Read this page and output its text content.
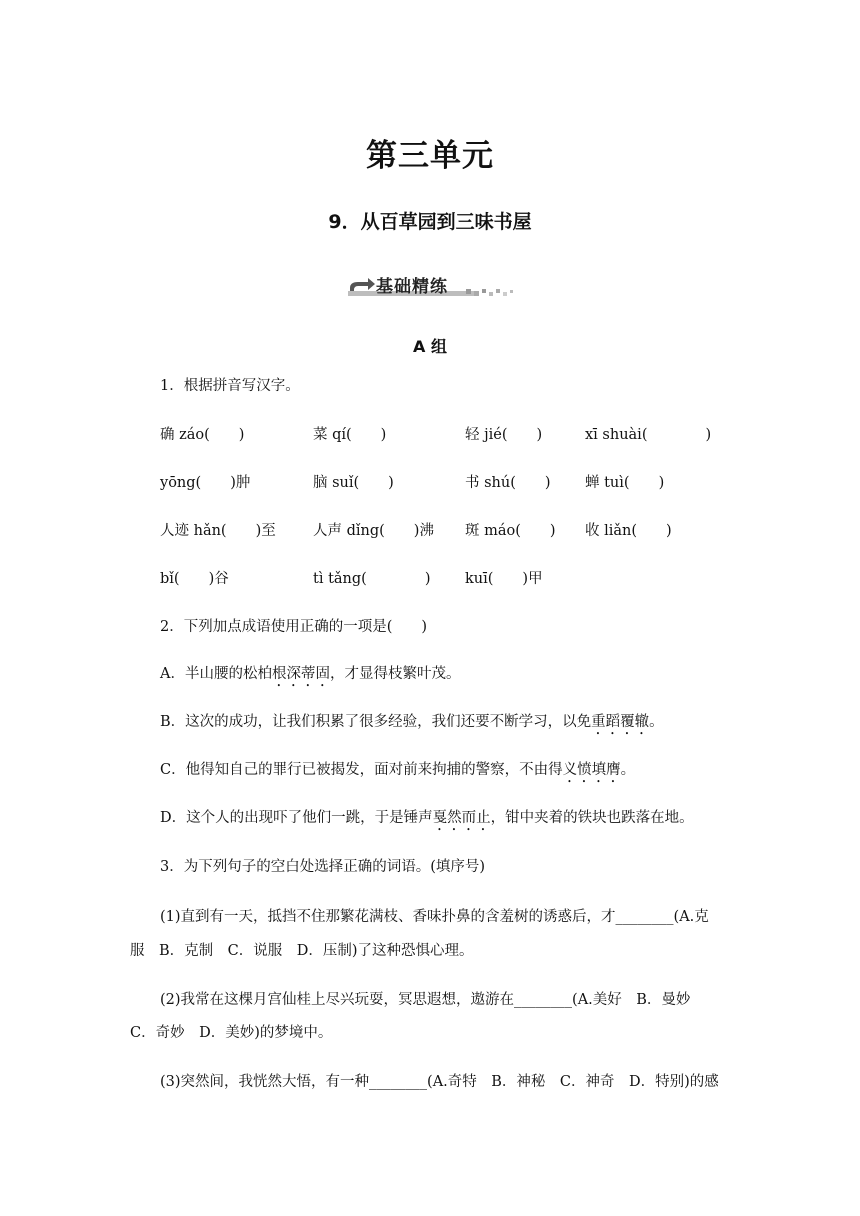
第三单元
9．从百草园到三味书屋
基础精练
A 组
1．根据拼音写汉字。
确 záo(　　)	菜 qí(　　)	轻 jié(　　)	xī shuài(　　　　)
yōng(　　)肿	脑 suǐ(　　)	书 shú(　　) 蝉 tuì(　　)
人迹 hǎn(　　)至	人声 dǐng(　　)沸 斑 máo(　　) 收 liǎn(　　)
bǐ(　　)谷	tì tǎng(　　　　) kuī(　　)甲
2．下列加点成语使用正确的一项是(　　)
A．半山腰的松柏根深蒂固，才显得枝繁叶茂。
B．这次的成功，让我们积累了很多经验，我们还要不断学习，以免重蹈覆辙。
C．他得知自己的罪行已被揭发，面对前来拘捕的警察，不由得义愤填膺。
D．这个人的出现吓了他们一跳，于是锤声戛然而止，钳中夹着的铁块也跌落在地。
3．为下列句子的空白处选择正确的词语。(填序号)
(1)直到有一天，抵挡不住那繁花满枝、香味扑鼻的含羞树的诱惑后，才________(A.克
服　B．克制　C．说服　D．压制)了这种恐惧心理。
(2)我常在这棵月宫仙桂上尽兴玩耍，冥思遐想，遨游在________(A.美好　B．曼妙
C．奇妙　D．美妙)的梦境中。
(3)突然间，我恍然大悟，有一种________(A.奇特　B．神秘　C．神奇　D．特别)的感
